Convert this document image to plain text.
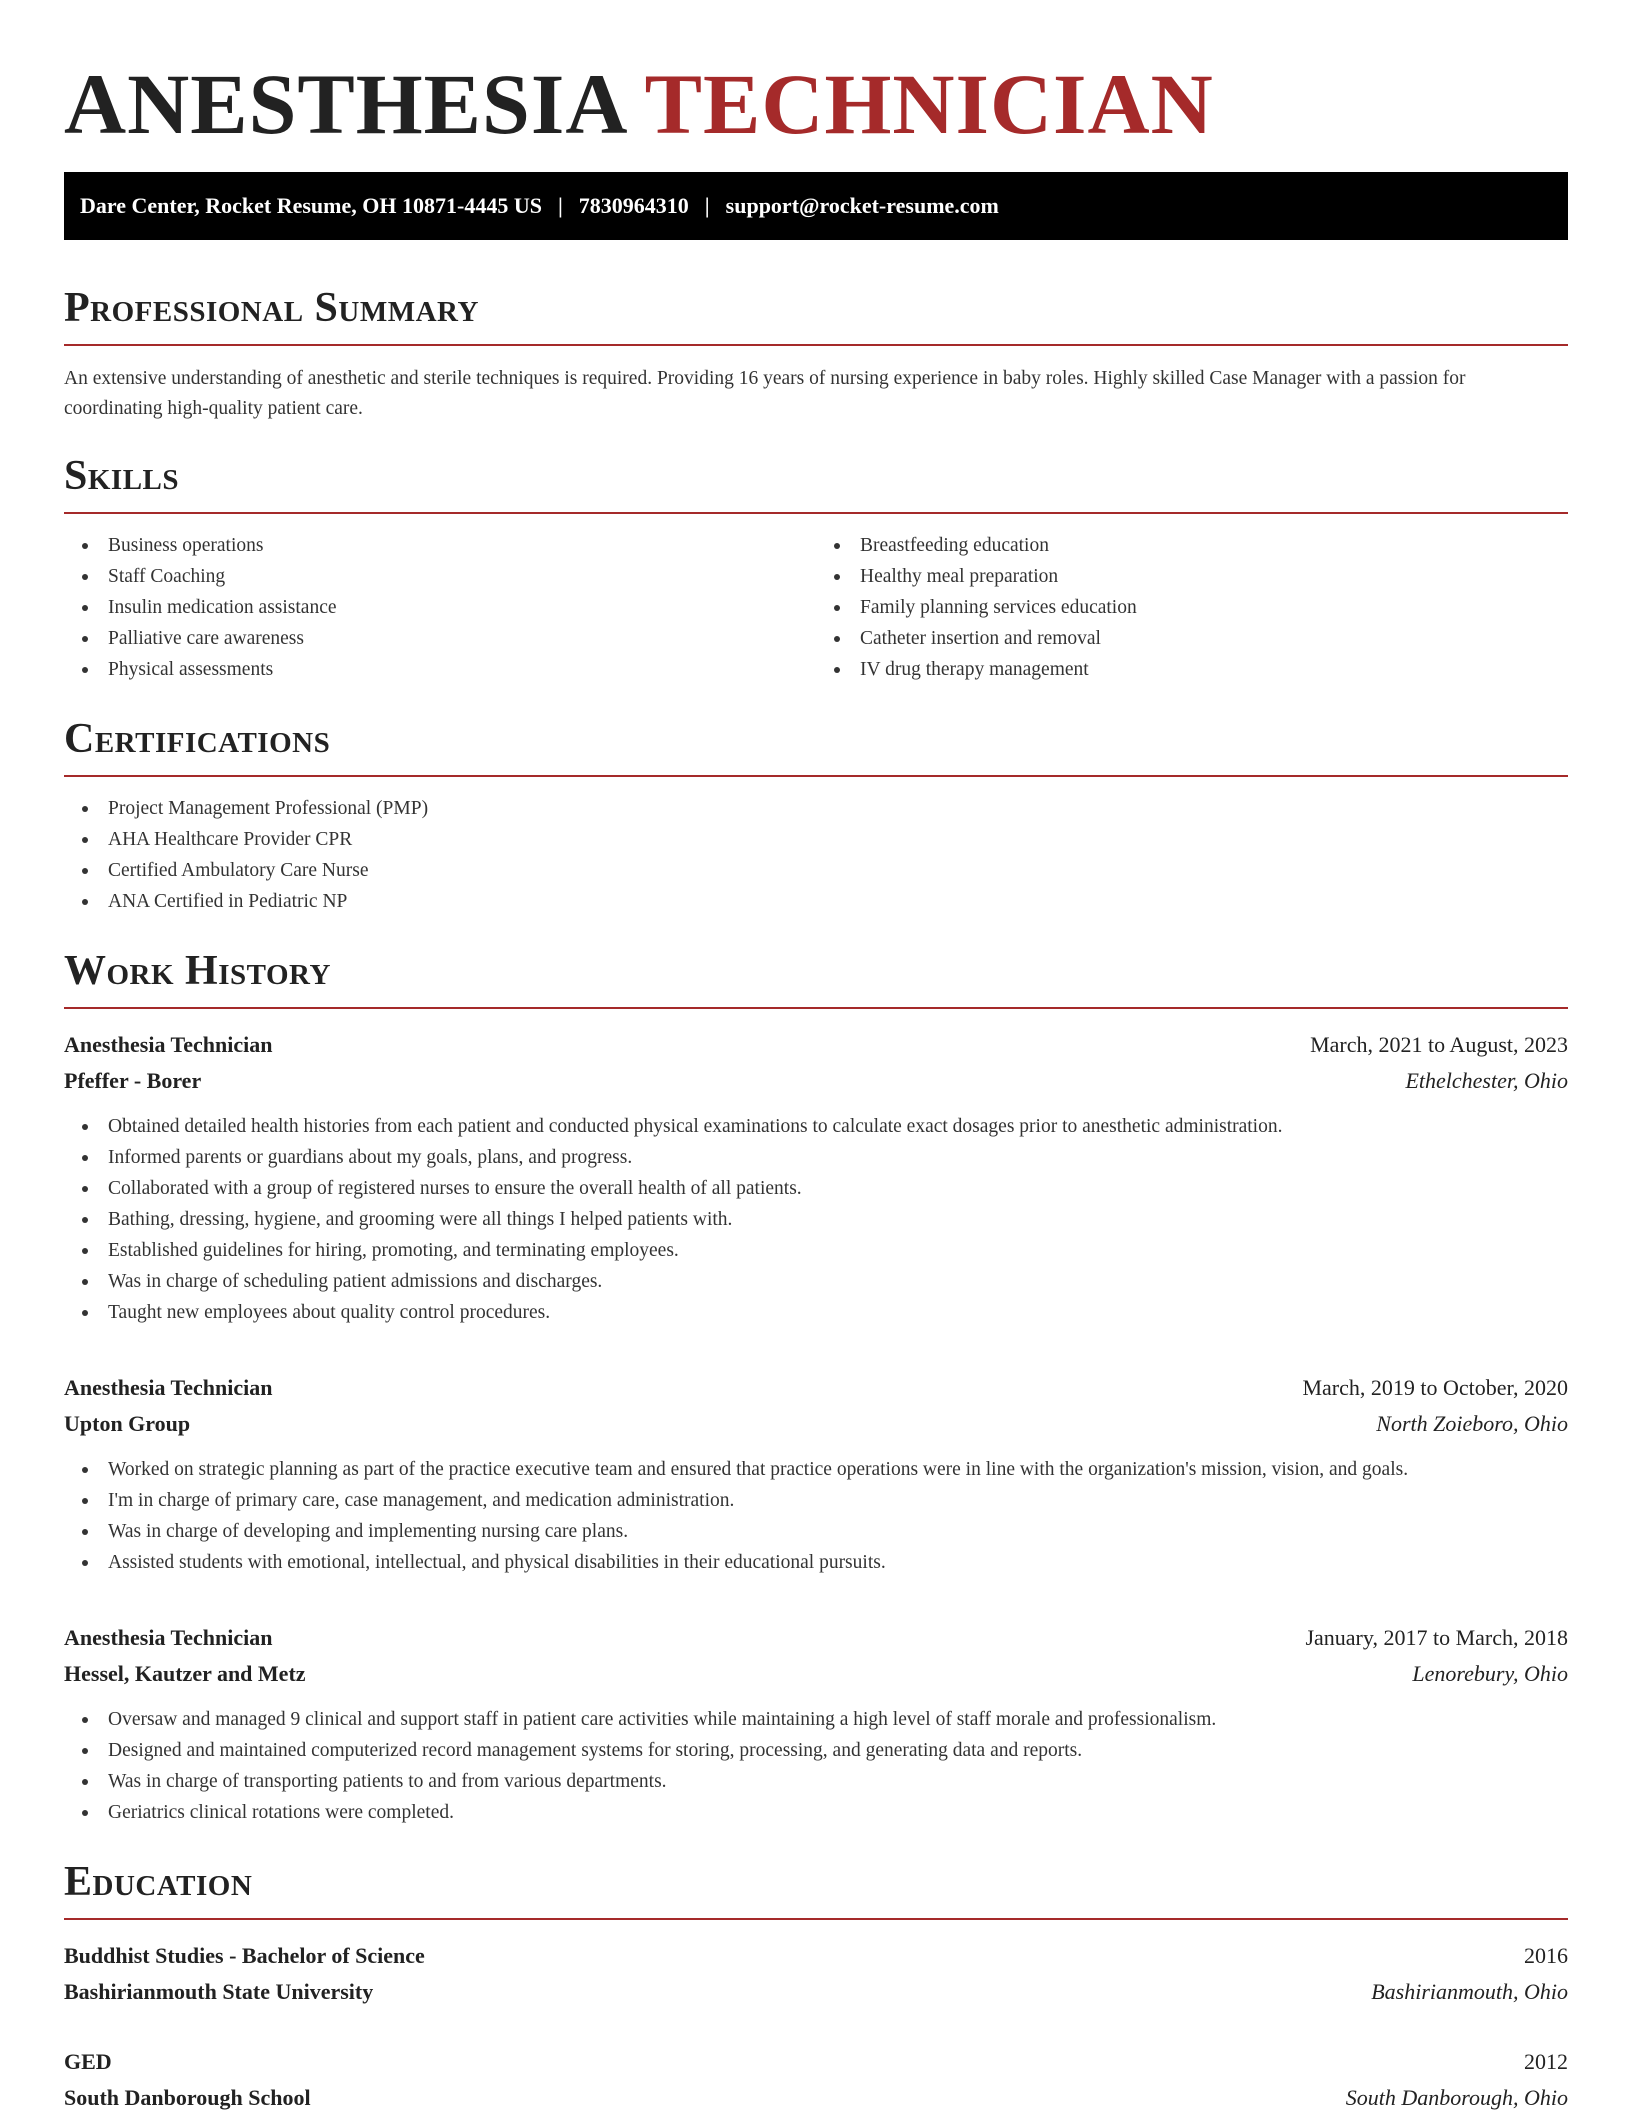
ANESTHESIA TECHNICIAN
Dare Center, Rocket Resume, OH 10871-4445 US | 7830964310 | support@rocket-resume.com
Professional Summary

An extensive understanding of anesthetic and sterile techniques is required. Providing 16 years of nursing experience in baby roles. Highly skilled Case Manager with a passion for coordinating high-quality patient care.

Skills
Business operations
Staff Coaching
Insulin medication assistance
Palliative care awareness
Physical assessments
Breastfeeding education
Healthy meal preparation
Family planning services education
Catheter insertion and removal
IV drug therapy management
Certifications
Project Management Professional (PMP)
AHA Healthcare Provider CPR
Certified Ambulatory Care Nurse
ANA Certified in Pediatric NP
Work History
Anesthesia Technician	March, 2021 to August, 2023
Pfeffer - Borer	Ethelchester, Ohio
Obtained detailed health histories from each patient and conducted physical examinations to calculate exact dosages prior to anesthetic administration.
Informed parents or guardians about my goals, plans, and progress.
Collaborated with a group of registered nurses to ensure the overall health of all patients.
Bathing, dressing, hygiene, and grooming were all things I helped patients with.
Established guidelines for hiring, promoting, and terminating employees.
Was in charge of scheduling patient admissions and discharges.
Taught new employees about quality control procedures.
Anesthesia Technician	March, 2019 to October, 2020
Upton Group	North Zoieboro, Ohio
Worked on strategic planning as part of the practice executive team and ensured that practice operations were in line with the organization's mission, vision, and goals.
I'm in charge of primary care, case management, and medication administration.
Was in charge of developing and implementing nursing care plans.
Assisted students with emotional, intellectual, and physical disabilities in their educational pursuits.
Anesthesia Technician	January, 2017 to March, 2018
Hessel, Kautzer and Metz	Lenorebury, Ohio
Oversaw and managed 9 clinical and support staff in patient care activities while maintaining a high level of staff morale and professionalism.
Designed and maintained computerized record management systems for storing, processing, and generating data and reports.
Was in charge of transporting patients to and from various departments.
Geriatrics clinical rotations were completed.
Education
Buddhist Studies - Bachelor of Science	2016
Bashirianmouth State University	Bashirianmouth, Ohio
GED	2012
South Danborough School	South Danborough, Ohio
